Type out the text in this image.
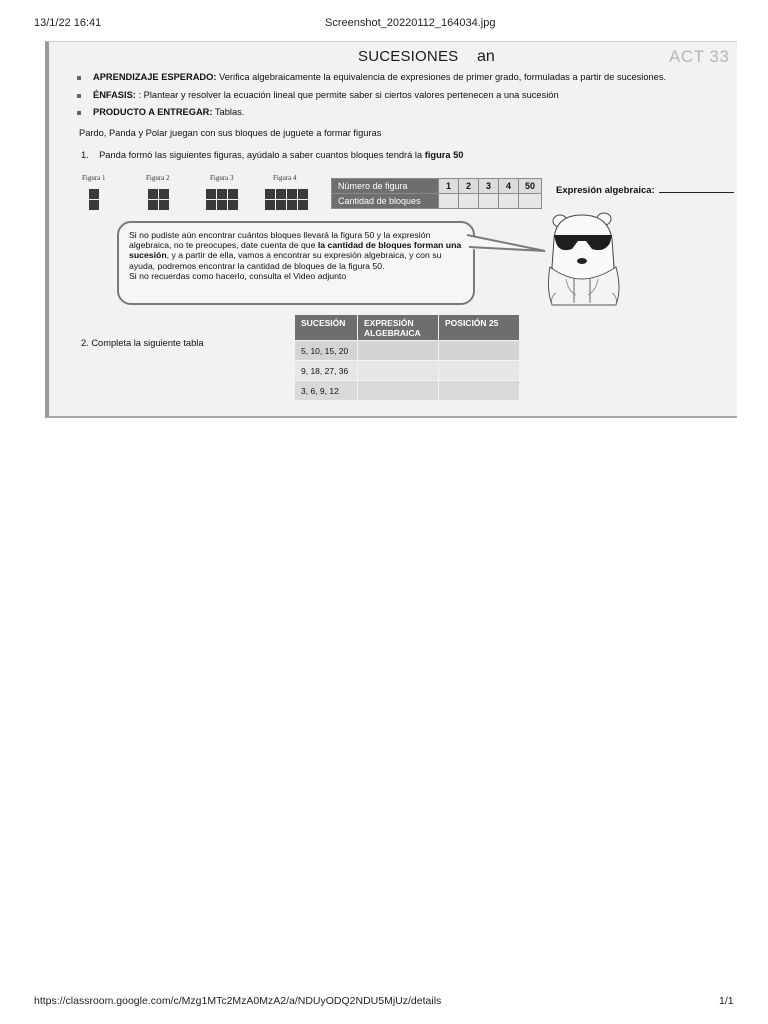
13/1/22 16:41	Screenshot_20220112_164034.jpg
SUCESIONES an	ACT 33
APRENDIZAJE ESPERADO: Verifica algebraicamente la equivalencia de expresiones de primer grado, formuladas a partir de sucesiones.
ÉNFASIS: : Plantear y resolver la ecuación lineal que permite saber si ciertos valores pertenecen a una sucesión
PRODUCTO A ENTREGAR: Tablas.
Pardo, Panda y Polar juegan con sus bloques de juguete a formar figuras
1. Panda formó las siguientes figuras, ayúdalo a saber cuantos bloques tendrá la figura 50
Figura 1	Figura 2	Figura 3	Figura 4
Número de figura	1	2	3	4	50
Cantidad de bloques					
Expresión algebraica:
Si no pudiste aún encontrar cuántos bloques llevará la figura 50 y la expresión algebraica, no te preocupes, date cuenta de que la cantidad de bloques forman una sucesión, y a partir de ella, vamos a encontrar su expresión algebraica, y con su ayuda, podremos encontrar la cantidad de bloques de la figura 50.
Si no recuerdas como hacerlo, consulta el Video adjunto
2. Completa la siguiente tabla
SUCESIÓN	EXPRESIÓN ALGEBRAICA	POSICIÓN 25
5, 10, 15, 20		
9, 18, 27, 36		
3, 6, 9, 12		
https://classroom.google.com/c/Mzg1MTc2MzA0MzA2/a/NDUyODQ2NDU5MjUz/details	1/1
